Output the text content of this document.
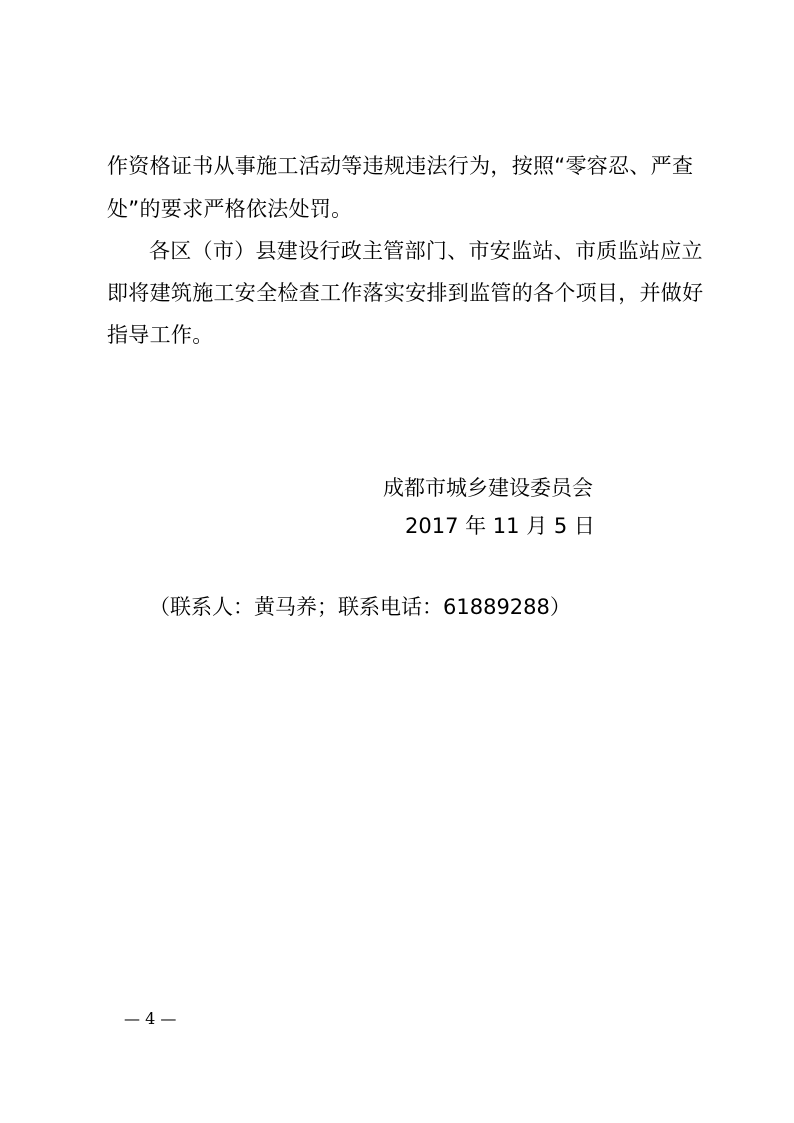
作资格证书从事施工活动等违规违法行为，按照“零容忍、严查
处”的要求严格依法处罚。
各区（市）县建设行政主管部门、市安监站、市质监站应立
即将建筑施工安全检查工作落实安排到监管的各个项目，并做好
指导工作。
成都市城乡建设委员会
2017 年 11 月 5 日
（联系人：黄马养；联系电话：61889288）
— 4 —
